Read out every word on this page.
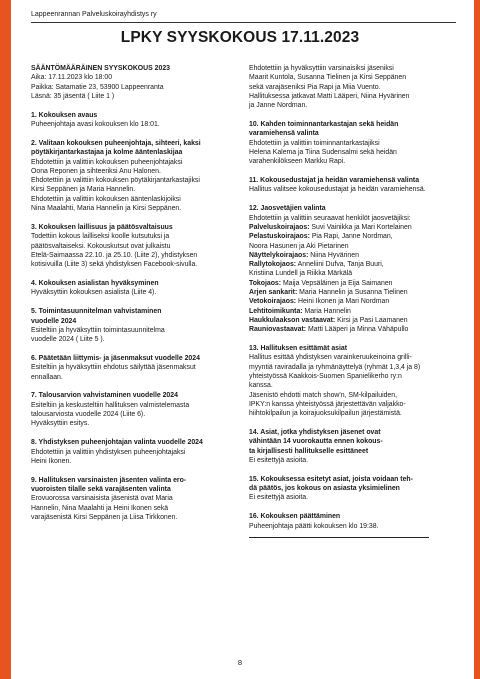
Lappeenrannan Palveluskoirayhdistys ry
LPKY SYYSKOKOUS 17.11.2023
SÄÄNTÖMÄÄRÄINEN SYYSKOKOUS 2023
Aika: 17.11.2023 klo 18:00
Paikka: Satamatie 23, 53900 Lappeenranta
Läsnä: 35 jäsentä ( Liite 1 )
1. Kokouksen avaus
Puheenjohtaja avasi kokouksen klo 18:01.
2. Valitaan kokouksen puheenjohtaja, sihteeri, kaksi
pöytäkirjantarkastajaa ja kolme ääntenlaskijaa
Ehdotettiin ja valittiin kokouksen puheenjohtajaksi
Oona Reponen ja sihteeriksi Anu Halonen.
Ehdotettiin ja valittiin kokouksen pöytäkirjantarkastajiksi
Kirsi Seppänen ja Maria Hannelin.
Ehdotettiin ja valittiin kokouksen ääntenlaskijoiksi
Nina Maalahti, Maria Hannelin ja Kirsi Seppänen.
3. Kokouksen laillisuus ja päätösvaltaisuus
Todettiin kokous lailliseksi koolle kutsutuksi ja
päätösvaltaiseksi. Kokouskutsut ovat julkaistu
Etelä-Saimaassa 22.10. ja 25.10. (Liite 2), yhdistyksen
kotisivuilla (Liite 3) sekä yhdistyksen Facebook-sivulla.
4. Kokouksen asialistan hyväksyminen
Hyväksyttiin kokouksen asialista (Liite 4).
5. Toimintasuunnitelman vahvistaminen
vuodelle 2024
Esiteltiin ja hyväksyttiin toimintasuunnitelma
vuodelle 2024 ( Liite 5 ).
6. Päätetään liittymis- ja jäsenmaksut vuodelle 2024
Esiteltiin ja hyväksyttiin ehdotus säilyttää jäsenmaksut
ennallaan.
7. Talousarvion vahvistaminen vuodelle 2024
Esiteltiin ja keskusteltiin hallituksen valmistelemasta
talousarviosta vuodelle 2024 (Liite 6).
Hyväksyttiin esitys.
8. Yhdistyksen puheenjohtajan valinta vuodelle 2024
Ehdotettiin ja valittiin yhdistyksen puheenjohtajaksi
Heini Ikonen.
9. Hallituksen varsinaisten jäsenten valinta ero-
vuoroisten tilalle sekä varajäsenten valinta
Erovuorossa varsinaisista jäsenistä ovat Maria
Hannelin, Nina Maalahti ja Heini Ikonen sekä
varajäsenistä Kirsi Seppänen ja Liisa Tirkkonen.
Ehdotettiin ja hyväksyttiin varsinaisiksi jäseniksi
Maarit Kuntola, Susanna Tielinen ja Kirsi Seppänen
sekä varajäseniksi Pia Rapi ja Miia Vuento.
Hallituksessa jatkavat Matti Lääperi, Niina Hyvärinen
ja Janne Nordman.
10. Kahden toiminnantarkastajan sekä heidän
varamiehensä valinta
Ehdotettiin ja valittiin toiminnantarkastajiksi
Helena Kalema ja Tiina Sudensalmi sekä heidän
varahenkilökseen Markku Rapi.
11. Kokousedustajat ja heidän varamiehensä valinta
Hallitus valitsee kokousedustajat ja heidän varamiehensä.
12. Jaosvetäjien valinta
Ehdotettiin ja valittiin seuraavat henkilöt jaosvetäjiksi:
Palveluskoirajaos: Suvi Vainikka ja Mari Kortelainen
Pelastuskoirajaos: Pia Rapi, Janne Nordman,
Noora Hasunen ja Aki Pietarinen
Näyttelykoirajaos: Niina Hyvärinen
Rallytokojaos: Anneliini Dufva, Tanja Buuri,
Kristiina Lundell ja Riikka Märkälä
Tokojaos: Maija Vepsäläinen ja Eija Saimanen
Arjen sankarit: Maria Hannelin ja Susanna Tielinen
Vetokoirajaos: Heini Ikonen ja Mari Nordman
Lehtitoimikunta: Maria Hannelin
Haukkulaakson vastaavat: Kirsi ja Pasi Laamanen
Rauniovastaavat: Matti Lääperi ja Minna Vähäpullo
13. Hallituksen esittämät asiat
Hallitus esittää yhdistyksen varainkeruukeinoina grilli-
myyntiä raviradalla ja ryhmänäyttelyä (ryhmät 1,3,4 ja 8)
yhteistyössä Kaakkois-Suomen Spanielikerho ry:n
kanssa.
Jäsenistö ehdotti match show'n, SM-kilpailuiden,
IPKY:n kanssa yhteistyössä järjestettävän valjakko-
hiihtokilpailun ja koirajuoksukilpailun järjestämistä.
14. Asiat, jotka yhdistyksen jäsenet ovat
vähintään 14 vuorokautta ennen kokous-
ta kirjallisesti hallitukselle esittäneet
Ei esitettyjä asioita.
15. Kokouksessa esitetyt asiat, joista voidaan teh-
dä päätös, jos kokous on asiasta yksimielinen
Ei esitettyjä asioita.
16. Kokouksen päättäminen
Puheenjohtaja päätti kokouksen klo 19:38.
8
